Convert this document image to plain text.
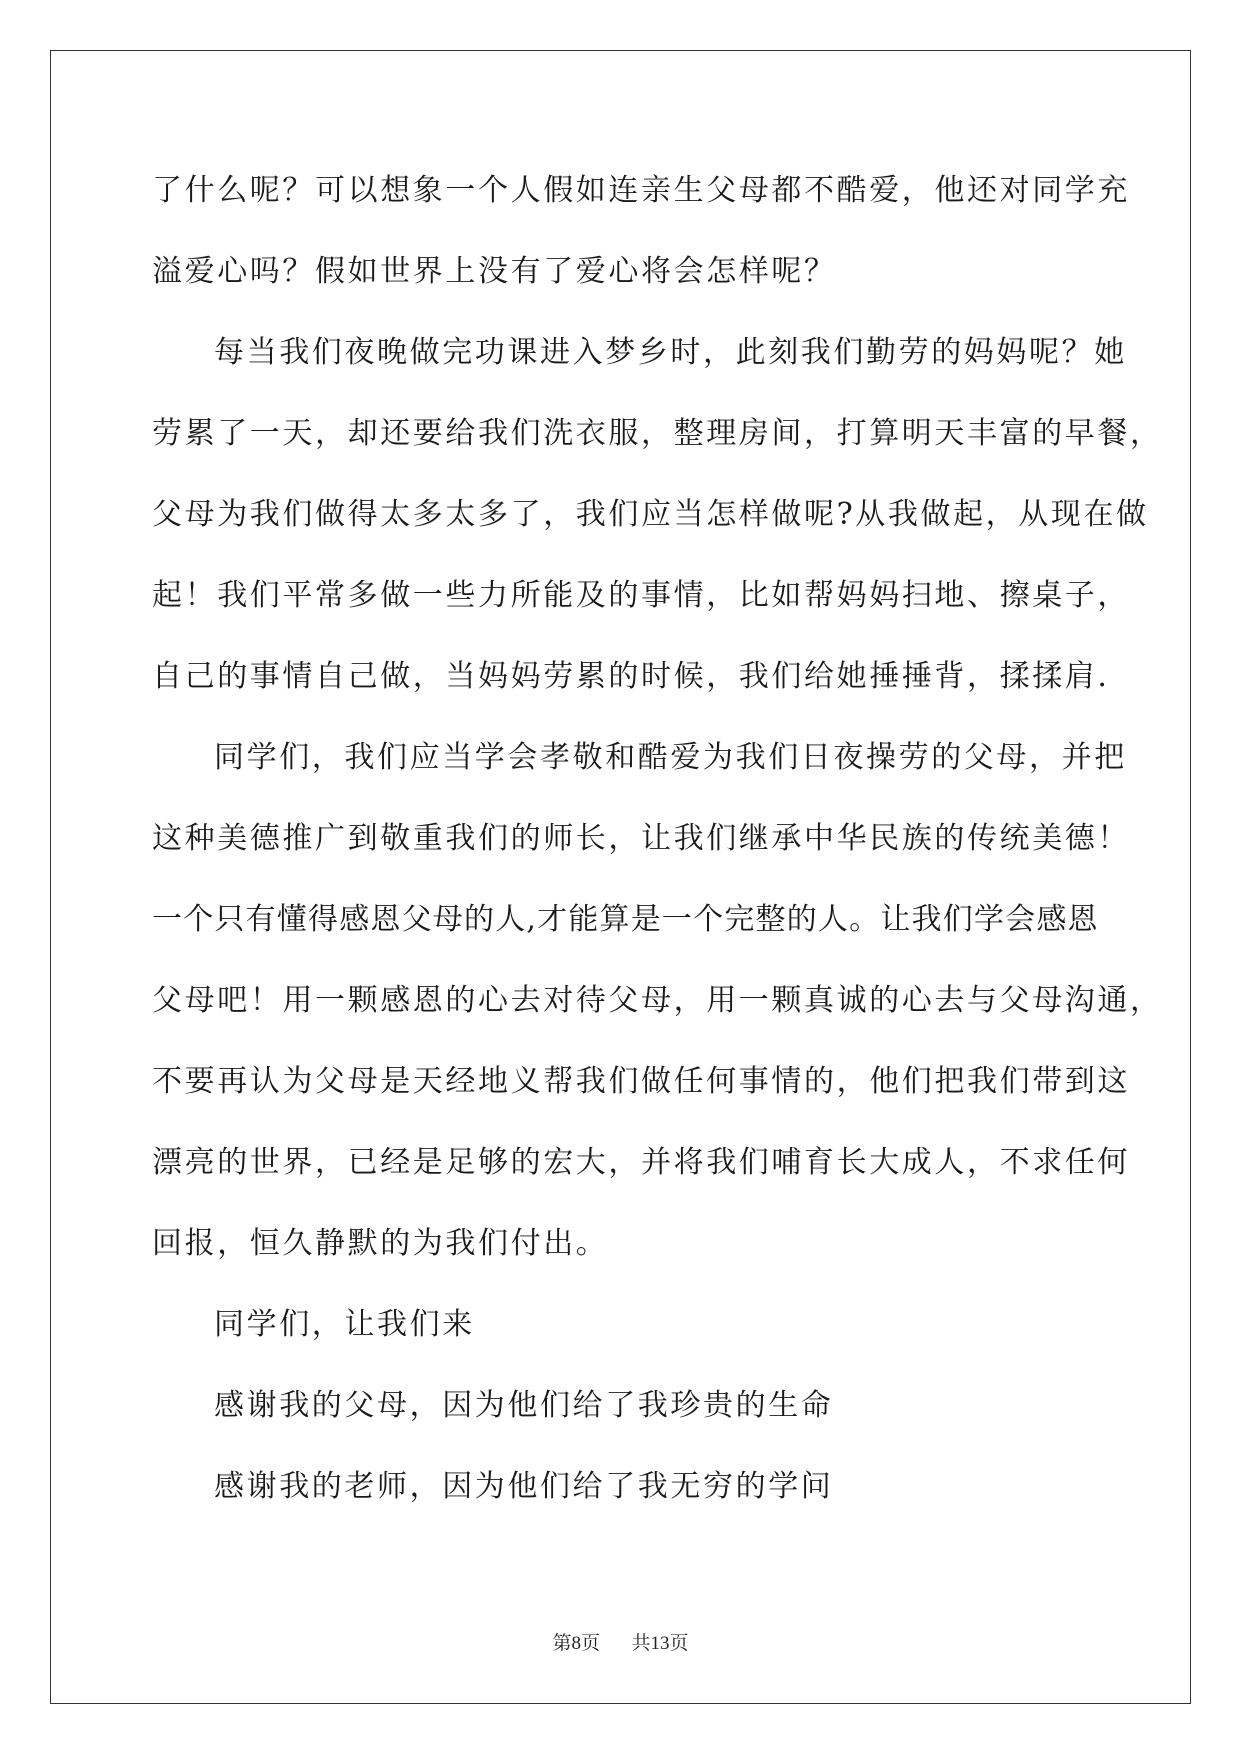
了什么呢？可以想象一个人假如连亲生父母都不酷爱，他还对同学充
溢爱心吗？假如世界上没有了爱心将会怎样呢？
每当我们夜晚做完功课进入梦乡时，此刻我们勤劳的妈妈呢？她
劳累了一天，却还要给我们洗衣服，整理房间，打算明天丰富的早餐，
父母为我们做得太多太多了，我们应当怎样做呢?从我做起，从现在做
起！我们平常多做一些力所能及的事情，比如帮妈妈扫地、擦桌子，
自己的事情自己做，当妈妈劳累的时候，我们给她捶捶背，揉揉肩.
同学们，我们应当学会孝敬和酷爱为我们日夜操劳的父母，并把
这种美德推广到敬重我们的师长，让我们继承中华民族的传统美德！
一个只有懂得感恩父母的人,才能算是一个完整的人。让我们学会感恩
父母吧！用一颗感恩的心去对待父母，用一颗真诚的心去与父母沟通，
不要再认为父母是天经地义帮我们做任何事情的，他们把我们带到这
漂亮的世界，已经是足够的宏大，并将我们哺育长大成人，不求任何
回报，恒久静默的为我们付出。
同学们，让我们来
感谢我的父母，因为他们给了我珍贵的生命
感谢我的老师，因为他们给了我无穷的学问
第8页 共13页
